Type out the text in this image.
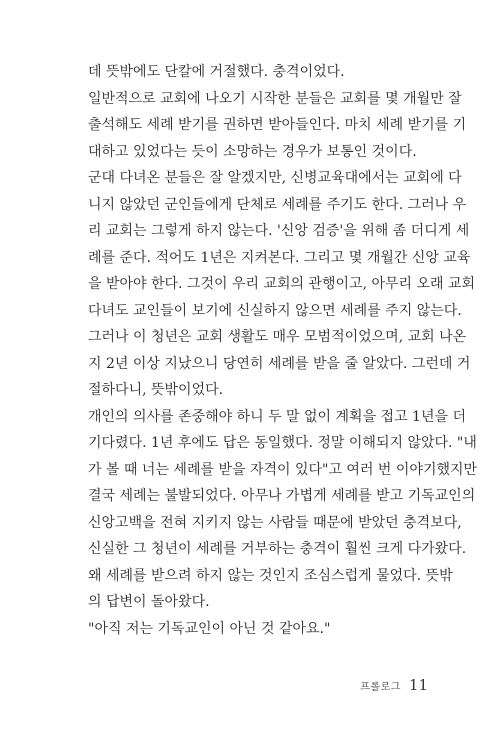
데 뜻밖에도 단칼에 거절했다. 충격이었다.
일반적으로 교회에 나오기 시작한 분들은 교회를 몇 개월만 잘
출석해도 세례 받기를 권하면 받아들인다. 마치 세례 받기를 기
대하고 있었다는 듯이 소망하는 경우가 보통인 것이다.
군대 다녀온 분들은 잘 알겠지만, 신병교육대에서는 교회에 다
니지 않았던 군인들에게 단체로 세례를 주기도 한다. 그러나 우
리 교회는 그렇게 하지 않는다. '신앙 검증'을 위해 좀 더디게 세
례를 준다. 적어도 1년은 지켜본다. 그리고 몇 개월간 신앙 교육
을 받아야 한다. 그것이 우리 교회의 관행이고, 아무리 오래 교회
다녀도 교인들이 보기에 신실하지 않으면 세례를 주지 않는다.
그러나 이 청년은 교회 생활도 매우 모범적이었으며, 교회 나온
지 2년 이상 지났으니 당연히 세례를 받을 줄 알았다. 그런데 거
절하다니, 뜻밖이었다.
개인의 의사를 존중해야 하니 두 말 없이 계획을 접고 1년을 더
기다렸다. 1년 후에도 답은 동일했다. 정말 이해되지 않았다. "내
가 볼 때 너는 세례를 받을 자격이 있다"고 여러 번 이야기했지만
결국 세례는 불발되었다. 아무나 가볍게 세례를 받고 기독교인의
신앙고백을 전혀 지키지 않는 사람들 때문에 받았던 충격보다,
신실한 그 청년이 세례를 거부하는 충격이 훨씬 크게 다가왔다.
왜 세례를 받으려 하지 않는 것인지 조심스럽게 물었다. 뜻밖
의 답변이 돌아왔다.
"아직 저는 기독교인이 아닌 것 같아요."
프롤로그 11
